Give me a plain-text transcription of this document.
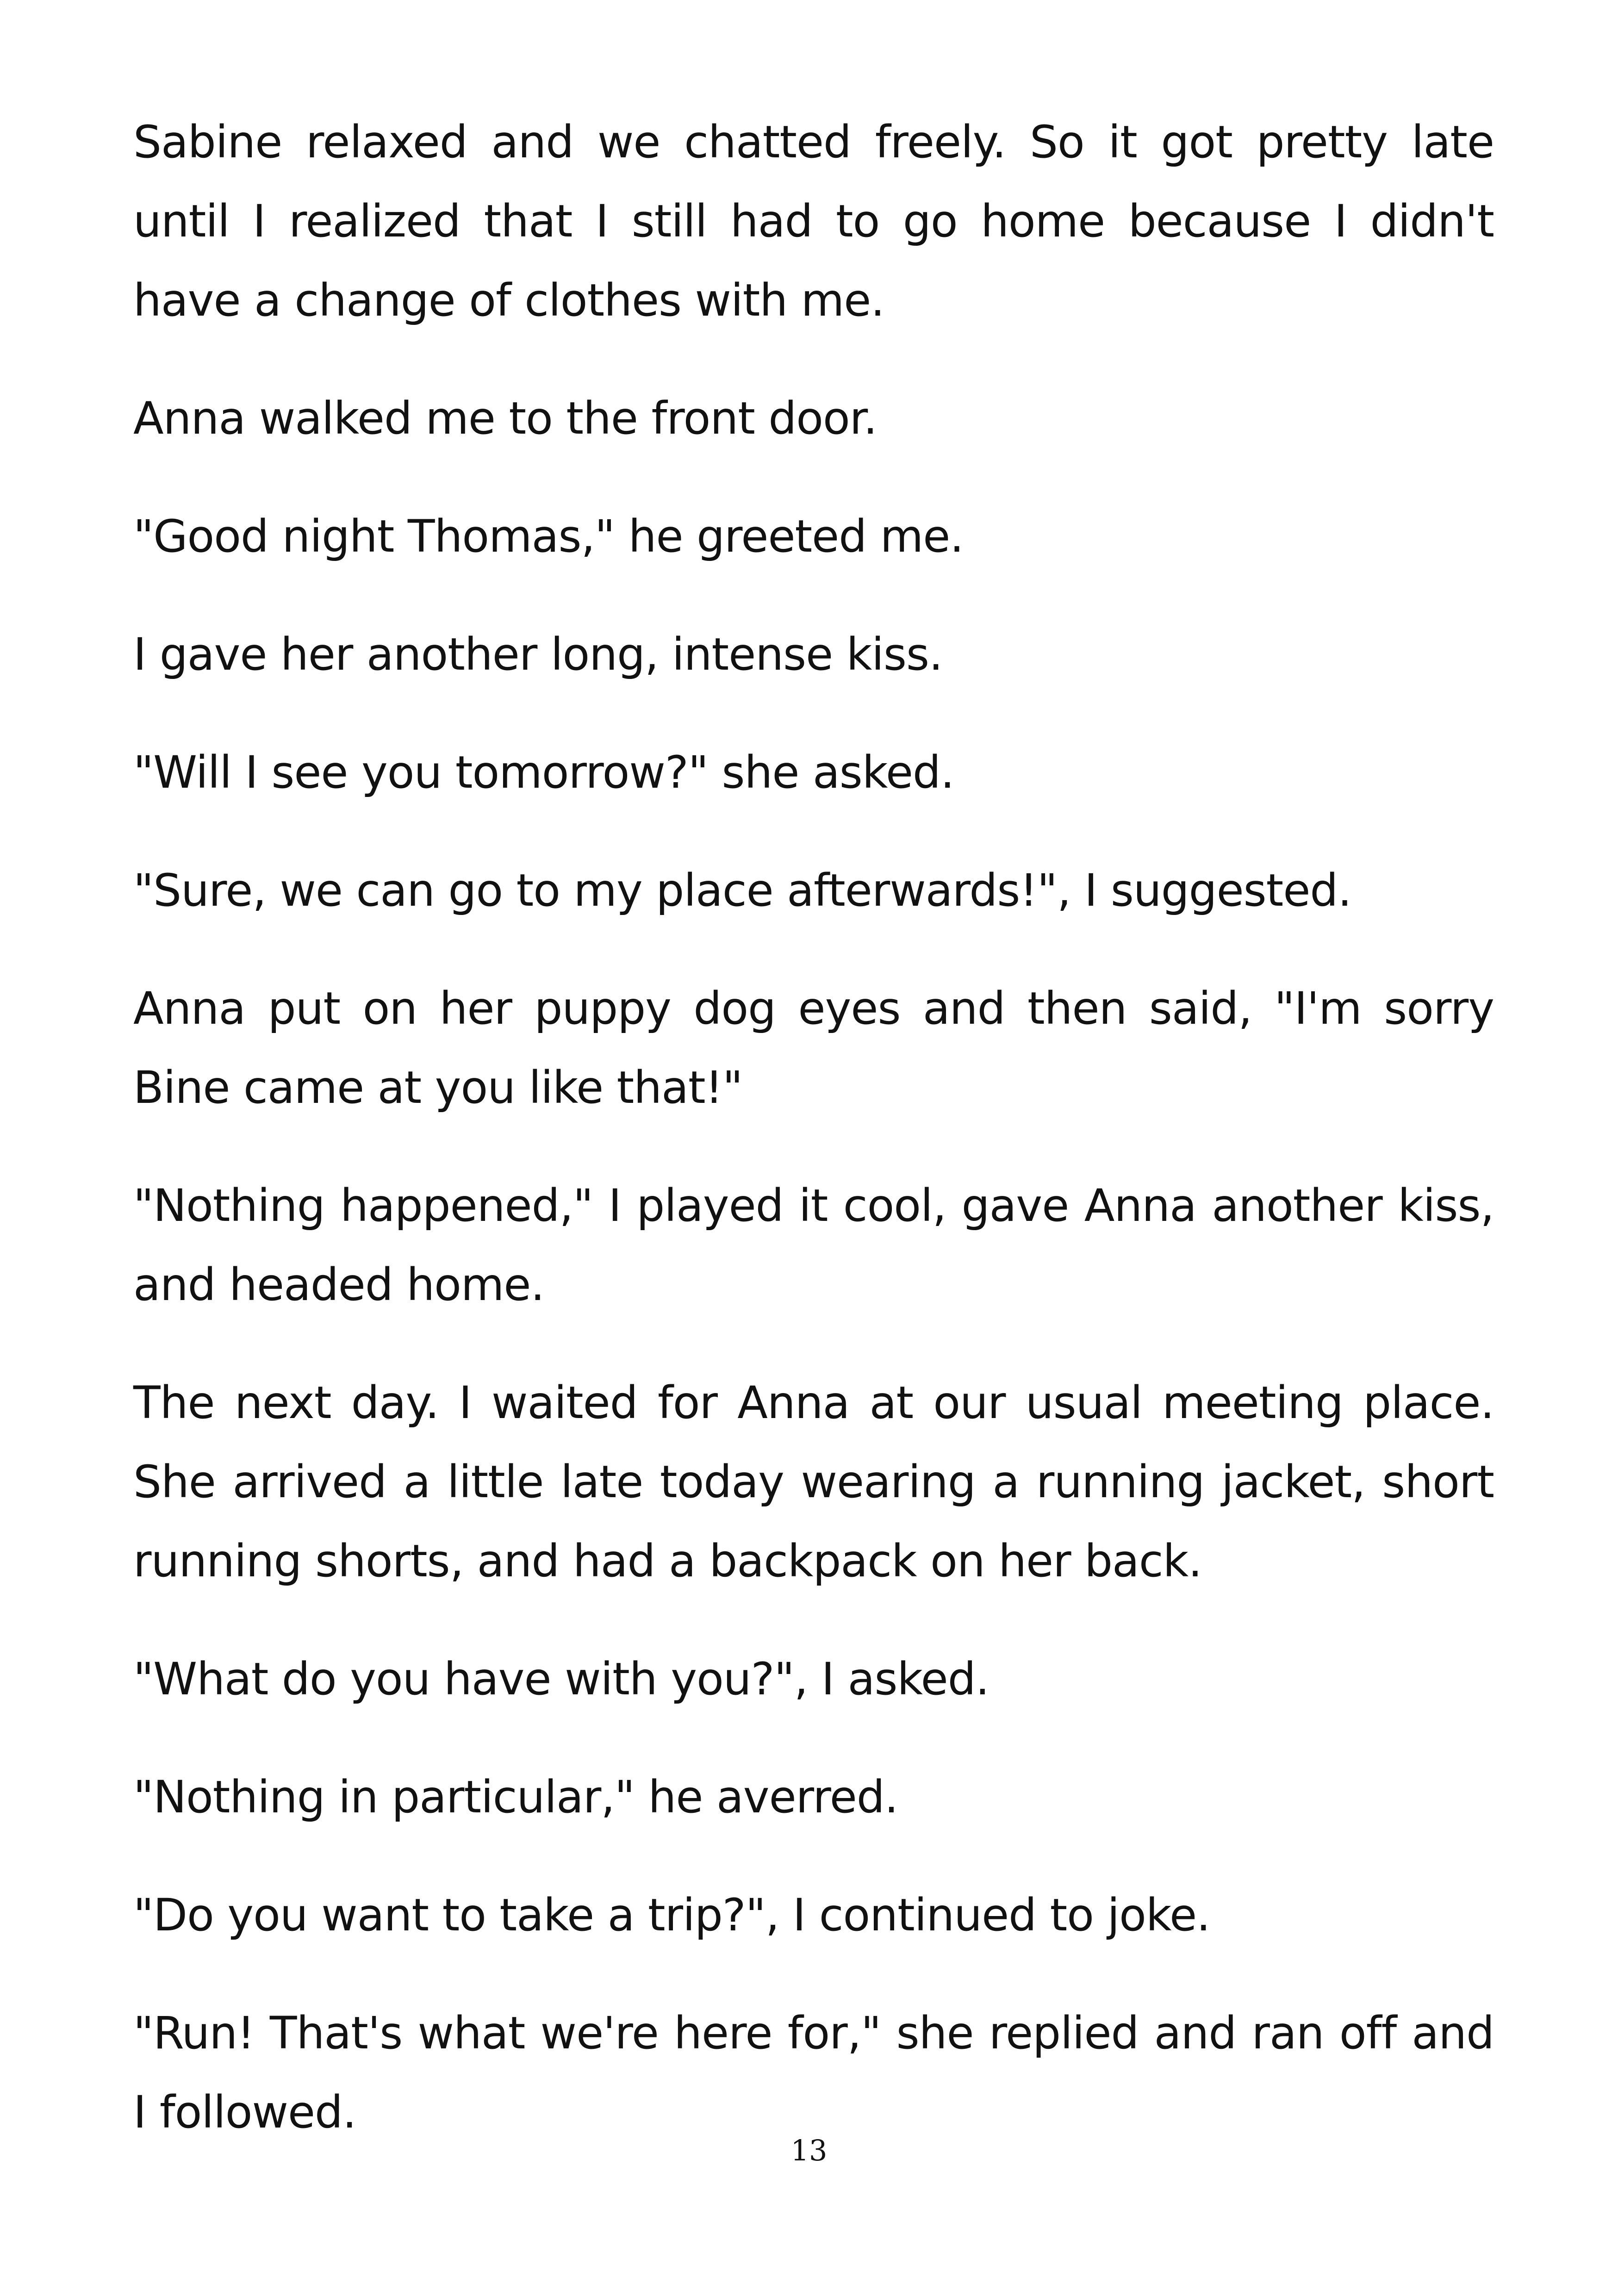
Sabine relaxed and we chatted freely. So it got pretty late until I realized that I still had to go home because I didn't have a change of clothes with me.

Anna walked me to the front door.

"Good night Thomas," he greeted me.

I gave her another long, intense kiss.

"Will I see you tomorrow?" she asked.

"Sure, we can go to my place afterwards!", I suggested.

Anna put on her puppy dog eyes and then said, "I'm sorry Bine came at you like that!"

"Nothing happened," I played it cool, gave Anna another kiss, and headed home.

The next day. I waited for Anna at our usual meeting place. She arrived a little late today wearing a running jacket, short running shorts, and had a backpack on her back.

"What do you have with you?", I asked.

"Nothing in particular," he averred.

"Do you want to take a trip?", I continued to joke.

"Run! That's what we're here for," she replied and ran off and I followed.

13
